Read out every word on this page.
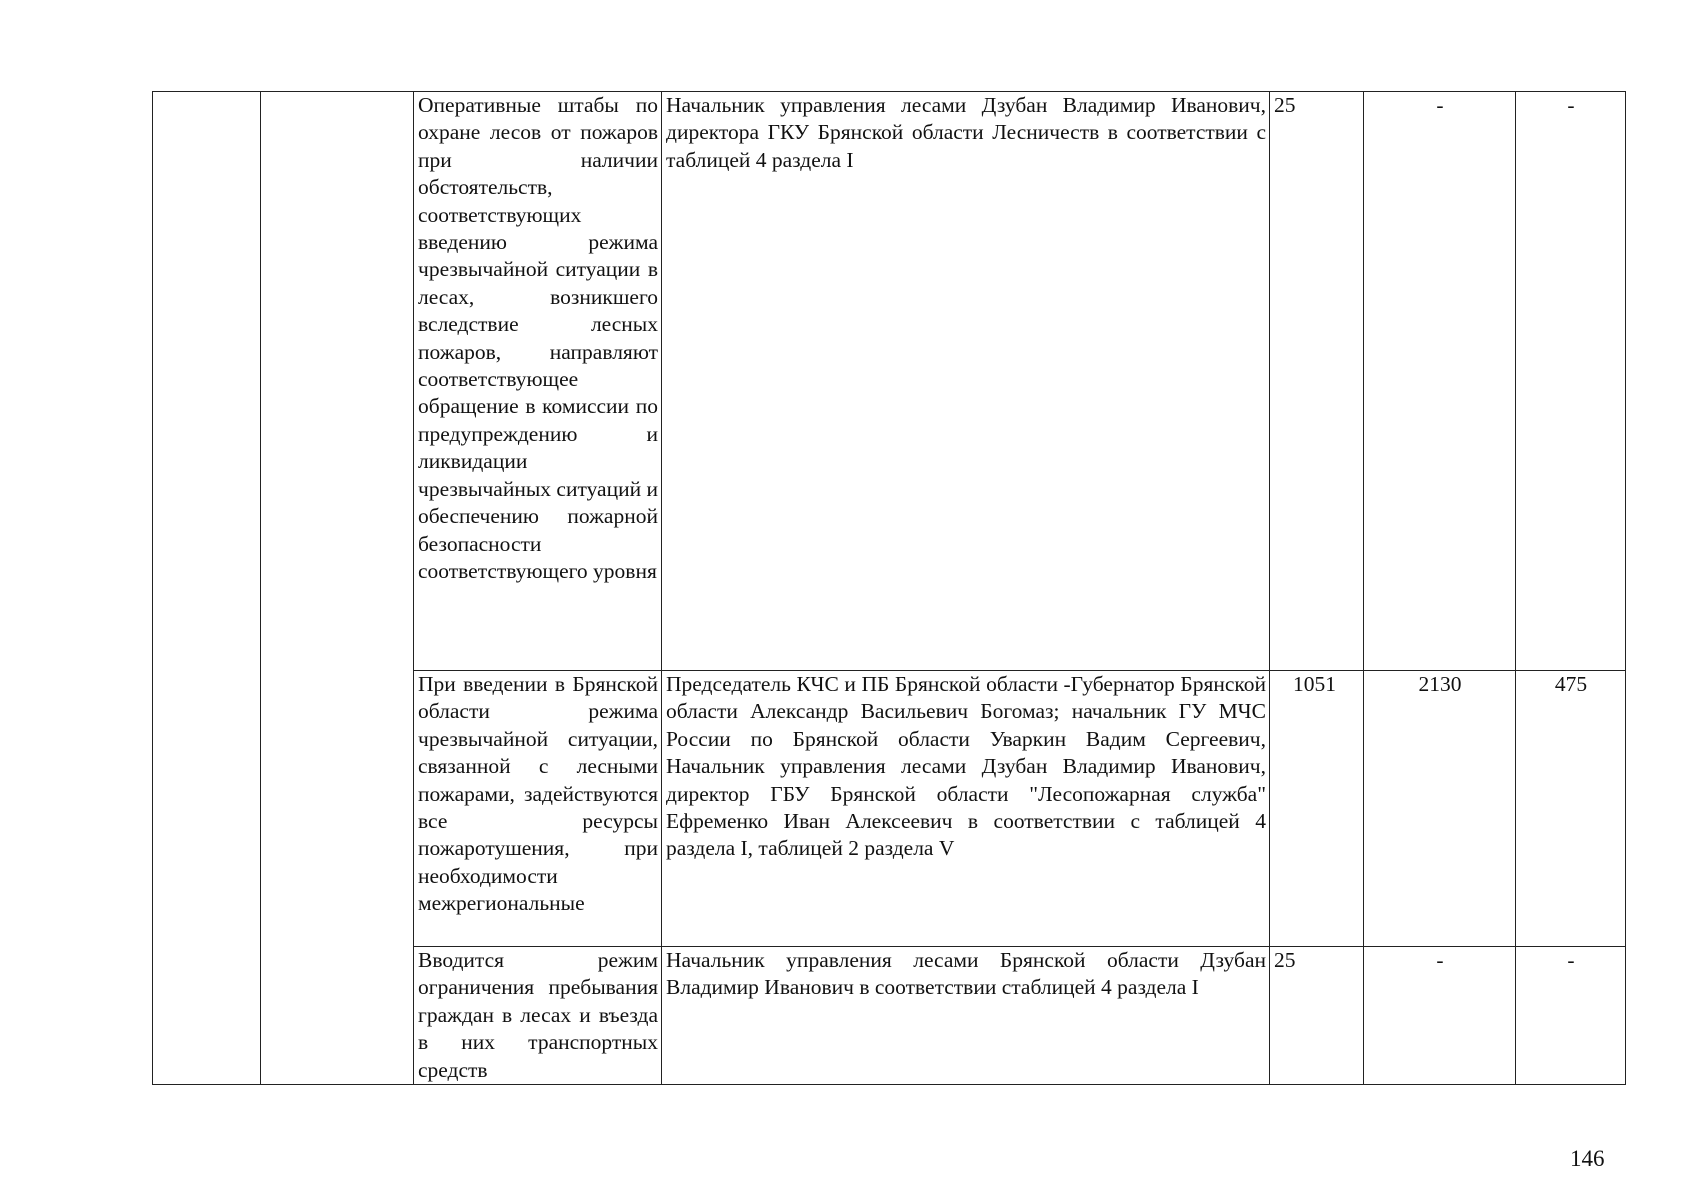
		Оперативные штабы по охране лесов от пожаров при наличии обстоятельств, соответствующих введению режима чрезвычайной ситуации в лесах, возникшего вследствие лесных пожаров, направляют соответствующее обращение в комиссии по предупреждению и ликвидации чрезвычайных ситуаций и обеспечению пожарной безопасности соответствующего уровня	Начальник управления лесами Дзубан Владимир Иванович, директора ГКУ Брянской области Лесничеств в соответствии с таблицей 4 раздела I	25	-	-
		При введении в Брянской области режима чрезвычайной ситуации, связанной с лесными пожарами, задействуются все ресурсы пожаротушения, при необходимости межрегиональные	Председатель КЧС и ПБ Брянской области -Губернатор Брянской области Александр Васильевич Богомаз; начальник ГУ МЧС России по Брянской области Уваркин Вадим Сергеевич, Начальник управления лесами Дзубан Владимир Иванович, директор ГБУ Брянской области "Лесопожарная служба" Ефременко Иван Алексеевич в соответствии с таблицей 4 раздела I, таблицей 2 раздела V	1051	2130	475
		Вводится режим ограничения пребывания граждан в лесах и въезда в них транспортных средств	Начальник управления лесами Брянской области Дзубан Владимир Иванович в соответствии стаблицей 4 раздела I	25	-	-
146
